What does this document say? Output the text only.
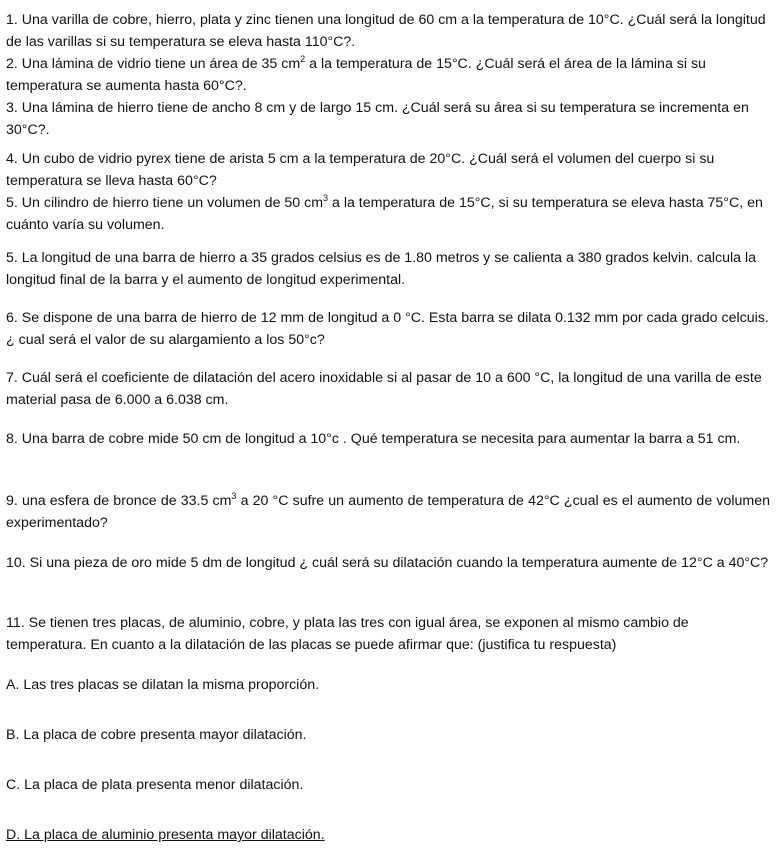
1. Una varilla de cobre, hierro, plata y zinc tienen una longitud de 60 cm a la temperatura de 10°C. ¿Cuál será la longitud de las varillas si su temperatura se eleva hasta 110°C?.

2. Una lámina de vidrio tiene un área de 35 $cm^2$ a la temperatura de 15°C. ¿Cuál será el área de la lámina si su temperatura se aumenta hasta 60°C?.

3. Una lámina de hierro tiene de ancho 8 cm y de largo 15 cm. ¿Cuál será su área si su temperatura se incrementa en 30°C?.

4. Un cubo de vidrio pyrex tiene de arista 5 cm a la temperatura de 20°C. ¿Cuál será el volumen del cuerpo si su temperatura se lleva hasta 60°C?

5. Un cilindro de hierro tiene un volumen de 50 $cm^3$ a la temperatura de 15°C, si su temperatura se eleva hasta 75°C, en cuánto varía su volumen.

5. La longitud de una barra de hierro a 35 grados celsius es de 1.80 metros y se calienta a 380 grados kelvin. calcula la longitud final de la barra y el aumento de longitud experimental.

6. Se dispone de una barra de hierro de 12 mm de longitud a 0 °C. Esta barra se dilata 0.132 mm por cada grado celcuis. ¿ cual será el valor de su alargamiento a los 50°c?

7. Cuál será el coeficiente de dilatación del acero inoxidable si al pasar de 10 a 600 °C, la longitud de una varilla de este material pasa de 6.000 a 6.038 cm.

8. Una barra de cobre mide 50 cm de longitud a 10°c . Qué temperatura se necesita para aumentar la barra a 51 cm.

9. una esfera de bronce de 33.5 $cm^3$ a 20 °C sufre un aumento de temperatura de 42°C ¿cual es el aumento de volumen experimentado?

10. Si una pieza de oro mide 5 dm de longitud ¿ cuál será su dilatación cuando la temperatura aumente de 12°C a 40°C?

11. Se tienen tres placas, de aluminio, cobre, y plata las tres con igual área, se exponen al mismo cambio de temperatura. En cuanto a la dilatación de las placas se puede afirmar que: (justifica tu respuesta)

A. Las tres placas se dilatan la misma proporción.

B. La placa de cobre presenta mayor dilatación.

C. La placa de plata presenta menor dilatación.

D. La placa de aluminio presenta mayor dilatación.
